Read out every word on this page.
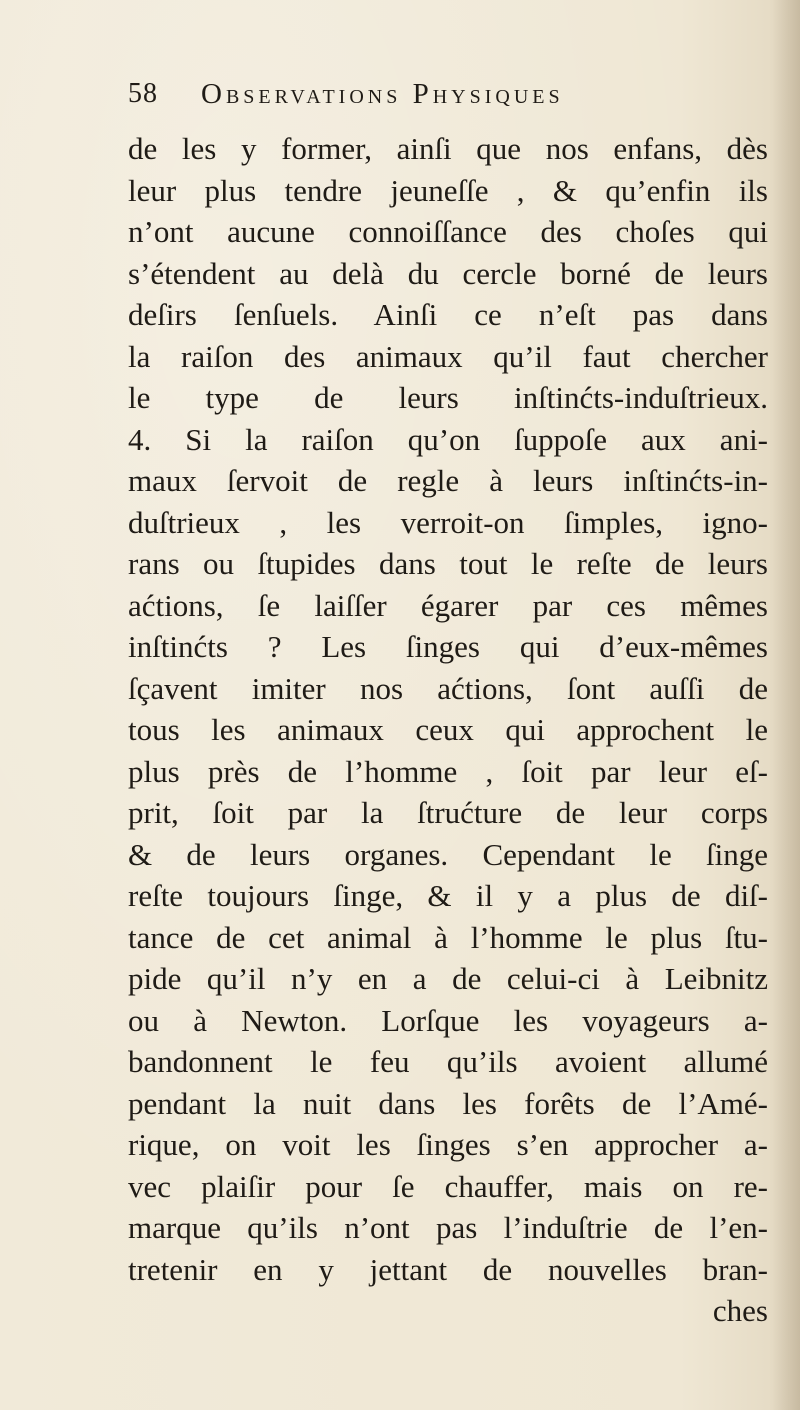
58 Observations Physiques
de les y former, ainſi que nos enfans, dès
leur plus tendre jeuneſſe , & qu’enfin ils
n’ont aucune connoiſſance des choſes qui
s’étendent au delà du cercle borné de leurs
deſirs ſenſuels. Ainſi ce n’eſt pas dans
la raiſon des animaux qu’il faut chercher
le type de leurs inſtinćts-induſtrieux.
4. Si la raiſon qu’on ſuppoſe aux ani-
maux ſervoit de regle à leurs inſtinćts-in-
duſtrieux , les verroit-on ſimples, igno-
rans ou ſtupides dans tout le reſte de leurs
aćtions, ſe laiſſer égarer par ces mêmes
inſtinćts ? Les ſinges qui d’eux-mêmes
ſçavent imiter nos aćtions, ſont auſſi de
tous les animaux ceux qui approchent le
plus près de l’homme , ſoit par leur eſ-
prit, ſoit par la ſtrućture de leur corps
& de leurs organes. Cependant le ſinge
reſte toujours ſinge, & il y a plus de diſ-
tance de cet animal à l’homme le plus ſtu-
pide qu’il n’y en a de celui-ci à Leibnitz
ou à Newton. Lorſque les voyageurs a-
bandonnent le feu qu’ils avoient allumé
pendant la nuit dans les forêts de l’Amé-
rique, on voit les ſinges s’en approcher a-
vec plaiſir pour ſe chauffer, mais on re-
marque qu’ils n’ont pas l’induſtrie de l’en-
tretenir en y jettant de nouvelles bran-
ches
